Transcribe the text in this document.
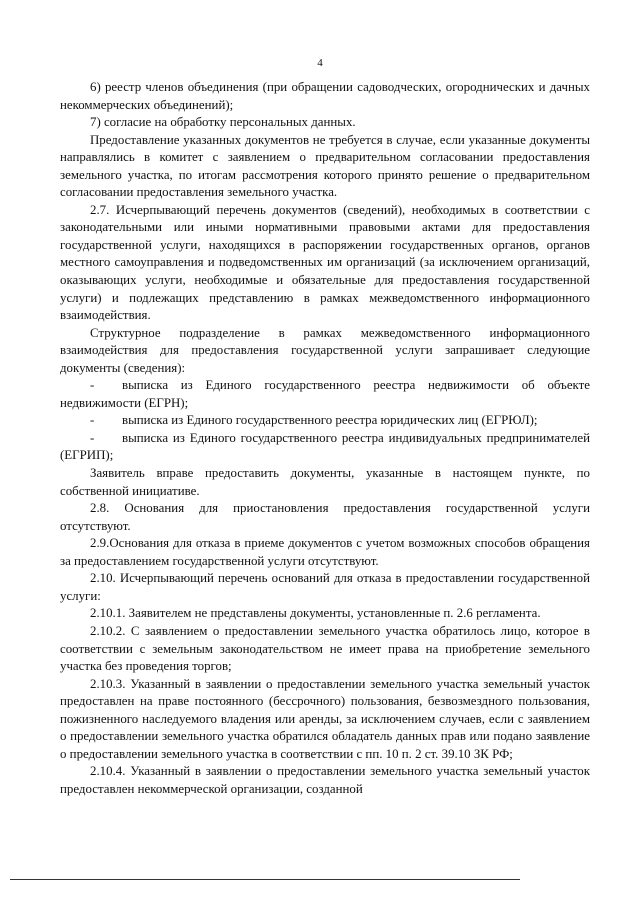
4

6) реестр членов объединения (при обращении садоводческих, огороднических и дачных некоммерческих объединений);

7) согласие на обработку персональных данных.

Предоставление указанных документов не требуется в случае, если указанные документы направлялись в комитет с заявлением о предварительном согласовании предоставления земельного участка, по итогам рассмотрения которого принято решение о предварительном согласовании предоставления земельного участка.

2.7. Исчерпывающий перечень документов (сведений), необходимых в соответствии с законодательными или иными нормативными правовыми актами для предоставления государственной услуги, находящихся в распоряжении государственных органов, органов местного самоуправления и подведомственных им организаций (за исключением организаций, оказывающих услуги, необходимые и обязательные для предоставления государственной услуги) и подлежащих представлению в рамках межведомственного информационного взаимодействия.

Структурное подразделение в рамках межведомственного информационного взаимодействия для предоставления государственной услуги запрашивает следующие документы (сведения):

- выписка из Единого государственного реестра недвижимости об объекте недвижимости (ЕГРН);

- выписка из Единого государственного реестра юридических лиц (ЕГРЮЛ);

- выписка из Единого государственного реестра индивидуальных предпринимателей (ЕГРИП);

Заявитель вправе предоставить документы, указанные в настоящем пункте, по собственной инициативе.

2.8. Основания для приостановления предоставления государственной услуги отсутствуют.

2.9.Основания для отказа в приеме документов с учетом возможных способов обращения за предоставлением государственной услуги отсутствуют.

2.10. Исчерпывающий перечень оснований для отказа в предоставлении государственной услуги:

2.10.1. Заявителем не представлены документы, установленные п. 2.6 регламента.

2.10.2. С заявлением о предоставлении земельного участка обратилось лицо, которое в соответствии с земельным законодательством не имеет права на приобретение земельного участка без проведения торгов;

2.10.3. Указанный в заявлении о предоставлении земельного участка земельный участок предоставлен на праве постоянного (бессрочного) пользования, безвозмездного пользования, пожизненного наследуемого владения или аренды, за исключением случаев, если с заявлением о предоставлении земельного участка обратился обладатель данных прав или подано заявление о предоставлении земельного участка в соответствии с пп. 10 п. 2 ст. 39.10 ЗК РФ;

2.10.4. Указанный в заявлении о предоставлении земельного участка земельный участок предоставлен некоммерческой организации, созданной
